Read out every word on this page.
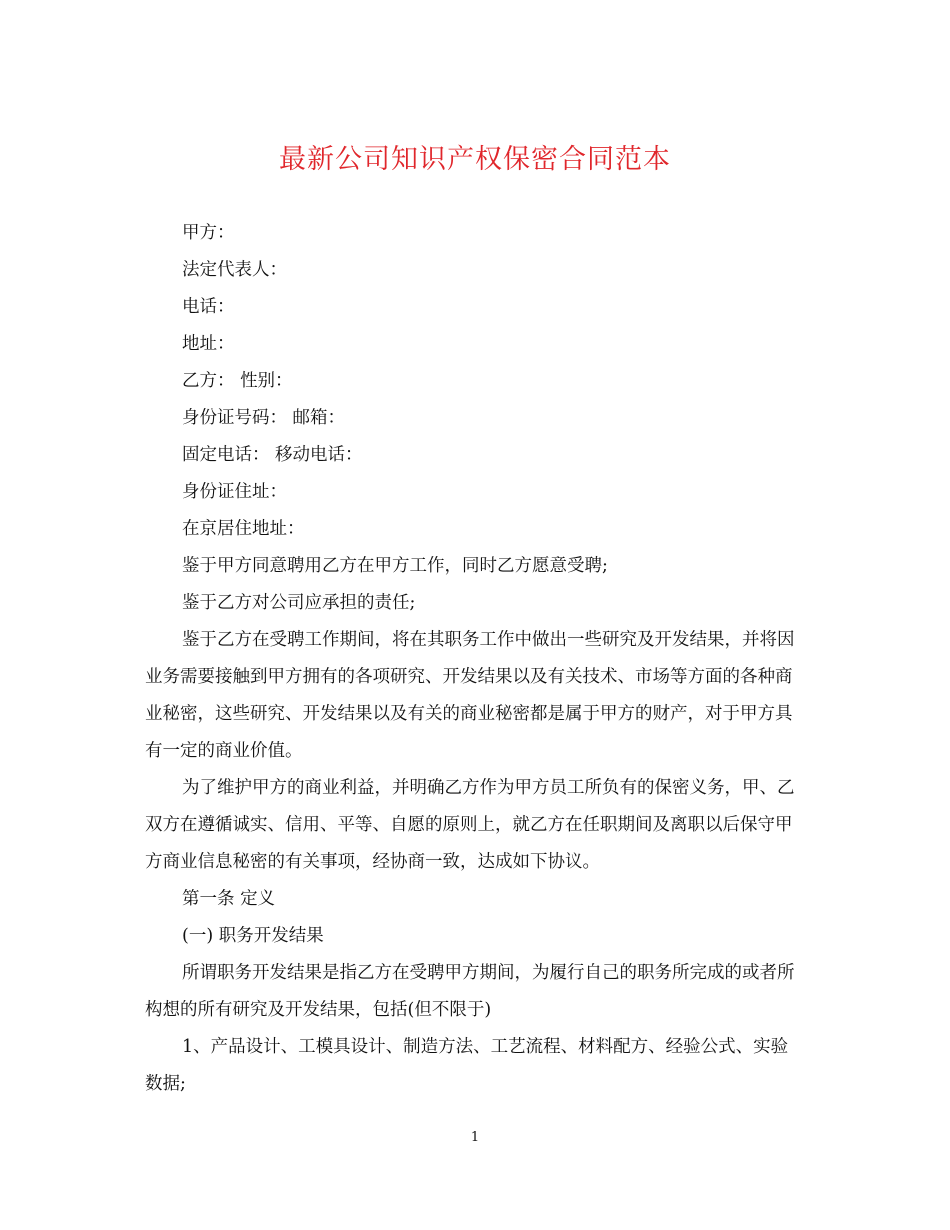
最新公司知识产权保密合同范本

甲方：

法定代表人：

电话：

地址：

乙方： 性别：

身份证号码： 邮箱：

固定电话： 移动电话：

身份证住址：

在京居住地址：

鉴于甲方同意聘用乙方在甲方工作，同时乙方愿意受聘;

鉴于乙方对公司应承担的责任;

鉴于乙方在受聘工作期间，将在其职务工作中做出一些研究及开发结果，并将因业务需要接触到甲方拥有的各项研究、开发结果以及有关技术、市场等方面的各种商业秘密，这些研究、开发结果以及有关的商业秘密都是属于甲方的财产，对于甲方具有一定的商业价值。

为了维护甲方的商业利益，并明确乙方作为甲方员工所负有的保密义务，甲、乙双方在遵循诚实、信用、平等、自愿的原则上，就乙方在任职期间及离职以后保守甲方商业信息秘密的有关事项，经协商一致，达成如下协议。

第一条 定义

(一) 职务开发结果

所谓职务开发结果是指乙方在受聘甲方期间，为履行自己的职务所完成的或者所构想的所有研究及开发结果，包括(但不限于)

1、产品设计、工模具设计、制造方法、工艺流程、材料配方、经验公式、实验数据;

1
